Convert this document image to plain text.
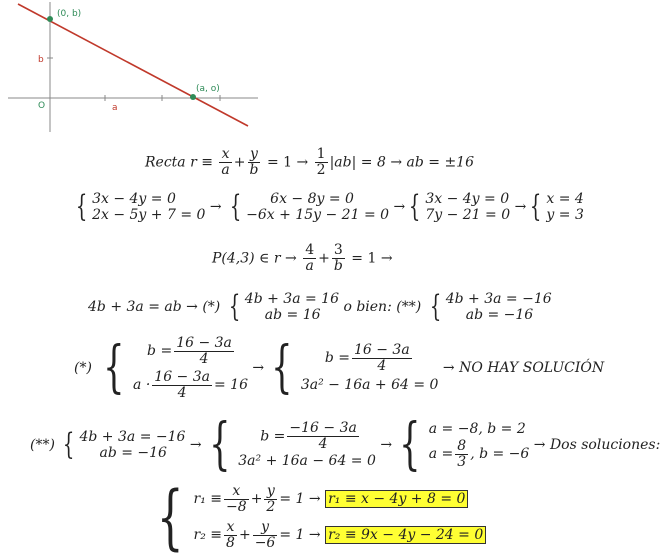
(0, b)
(a, o)
b
a
O
Recta $r \equiv \frac{x}{a} + \frac{y}{b} = 1 \to \frac{1}{2} |ab| = 8$ → ab = ±16
{ 3x − 4y = 0
2x − 5y + 7 = 0 → {	6x − 8y = 0
−6x + 15y − 21 = 0 → { 3x − 4y = 0
7y − 21 = 0 → { x = 4
y = 3
P(4,3) ∈ $r \to \frac{4}{a} + \frac{3}{b} = 1$ →
4b + 3a = ab → (*) { 4b + 3a = 16
ab = 16	o bien: (**) { 4b + 3a = −16
ab = −16
(*) {	$b = \frac{16 - 3a}{4}$
$a \cdot \frac{16 - 3a}{4} = 16$
→ {	$b = \frac{16 - 3a}{4}$
3a² − 16a + 64 = 0
→ NO HAY SOLUCIÓN
(**) { 4b + 3a = −16
ab = −16	→ {	$b = \frac{-16 - 3a}{4}$
3a² + 16a − 64 = 0
→ { a = −8, b = 2
$a = \frac{8}{3}$ , b = −6
→ Dos soluciones:
{ $r_1 \equiv \frac{x}{-8} + \frac{y}{2} = 1 \to r_1 \equiv x - 4y + 8 = 0$
$r_2 \equiv \frac{x}{8} + \frac{y}{-6} = 1 \to r_2 \equiv 9x - 4y - 24 = 0$
